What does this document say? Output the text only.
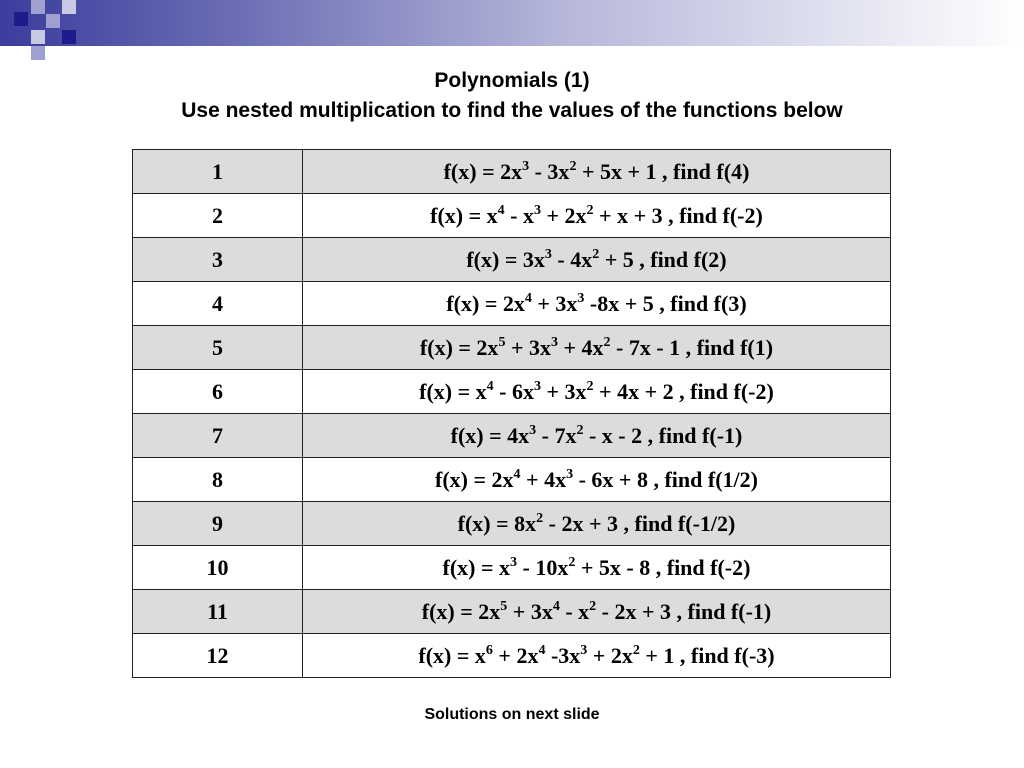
Polynomials (1)
Use nested multiplication to find the values of the functions below
1	$f(x) = 2x^3 - 3x^2 + 5x + 1$ , find f(4)
2	$f(x) = x^4 - x^3 + 2x^2 + x + 3$ , find f(-2)
3	$f(x) = 3x^3 - 4x^2 + 5$ , find f(2)
4	$f(x) = 2x^4 + 3x^3$ -8x + 5 , find f(3)
5	$f(x) = 2x^5 + 3x^3 + 4x^2 - 7x - 1$ , find f(1)
6	$f(x) = x^4 - 6x^3 + 3x^2 + 4x + 2$ , find f(-2)
7	$f(x) = 4x^3 - 7x^2 - x - 2$ , find f(-1)
8	$f(x) = 2x^4 + 4x^3 - 6x + 8$ , find f(1/2)
9	$f(x) = 8x^2 - 2x + 3$ , find f(-1/2)
10	$f(x) = x^3 - 10x^2 + 5x - 8$ , find f(-2)
11	$f(x) = 2x^5 + 3x^4 - x^2 - 2x + 3$ , find f(-1)
12	$f(x) = x^6 + 2x^4$ $-3x^3 + 2x^2 + 1$ , find f(-3)
Solutions on next slide
